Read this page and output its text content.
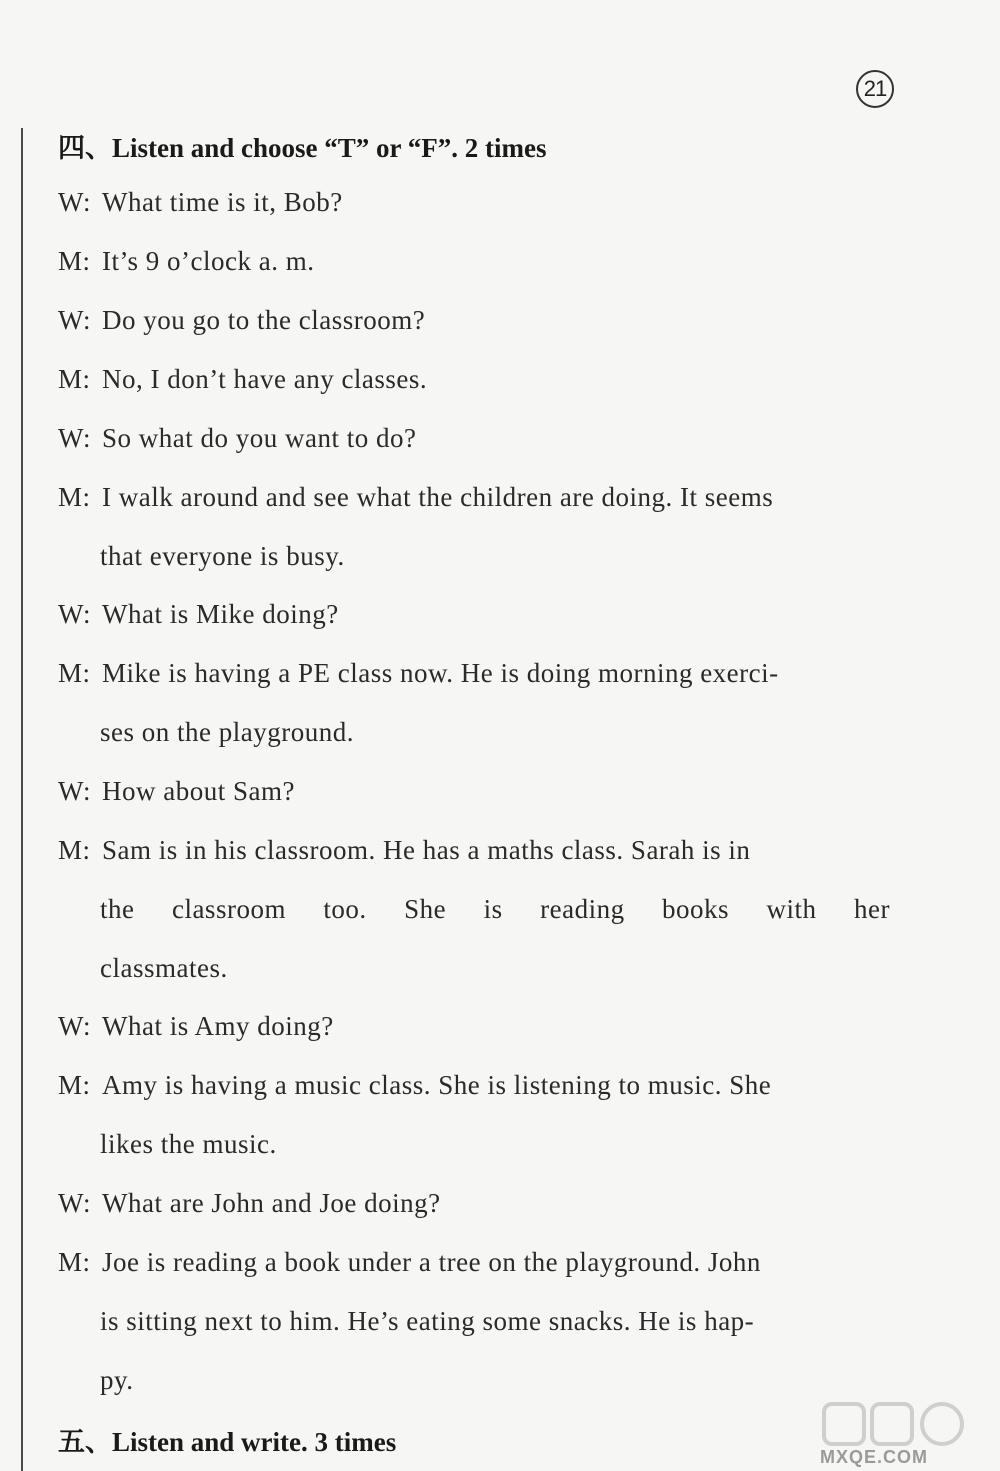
21
四、Listen and choose “T” or “F”. 2 times
W: What time is it, Bob?
M: It’s 9 o’clock a. m.
W: Do you go to the classroom?
M: No, I don’t have any classes.
W: So what do you want to do?
M: I walk around and see what the children are doing. It seems
that everyone is busy.
W: What is Mike doing?
M: Mike is having a PE class now. He is doing morning exerci-
ses on the playground.
W: How about Sam?
M: Sam is in his classroom. He has a maths class. Sarah is in
the classroom too. She is reading books with her
classmates.
W: What is Amy doing?
M: Amy is having a music class. She is listening to music. She
likes the music.
W: What are John and Joe doing?
M: Joe is reading a book under a tree on the playground. John
is sitting next to him. He’s eating some snacks. He is hap-
py.
五、Listen and write. 3 times	MXQE.COM
